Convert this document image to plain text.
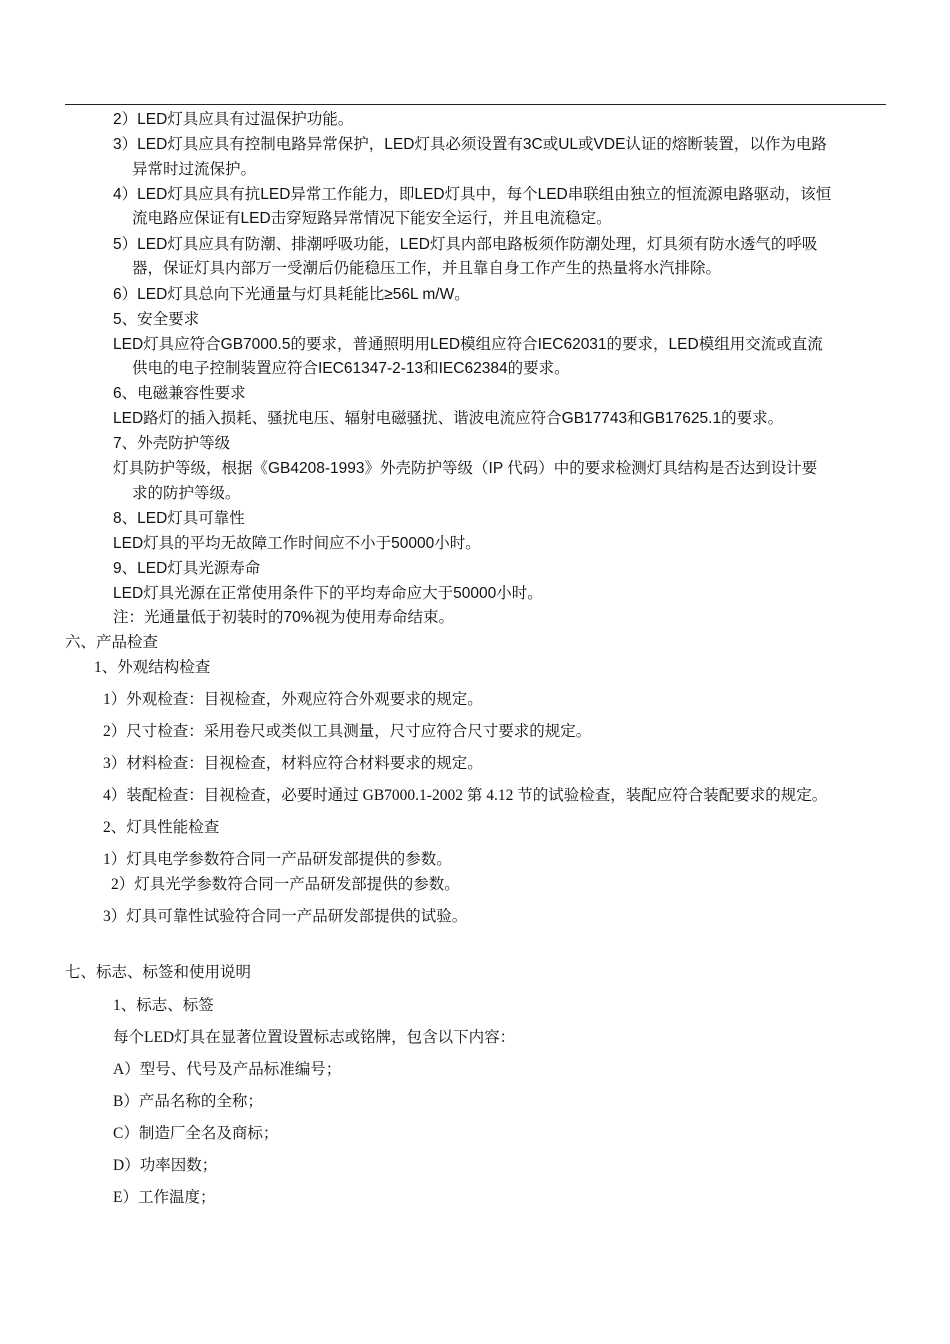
2）LED灯具应具有过温保护功能。
3）LED灯具应具有控制电路异常保护，LED灯具必须设置有3C或UL或VDE认证的熔断装置，以作为电路
异常时过流保护。
4）LED灯具应具有抗LED异常工作能力，即LED灯具中，每个LED串联组由独立的恒流源电路驱动，该恒
流电路应保证有LED击穿短路异常情况下能安全运行，并且电流稳定。
5）LED灯具应具有防潮、排潮呼吸功能，LED灯具内部电路板须作防潮处理，灯具须有防水透气的呼吸
器，保证灯具内部万一受潮后仍能稳压工作，并且靠自身工作产生的热量将水汽排除。
6）LED灯具总向下光通量与灯具耗能比≥56L m/W。
5、安全要求
LED灯具应符合GB7000.5的要求，普通照明用LED模组应符合IEC62031的要求，LED模组用交流或直流
供电的电子控制装置应符合IEC61347-2-13和IEC62384的要求。
6、电磁兼容性要求
LED路灯的插入损耗、骚扰电压、辐射电磁骚扰、谐波电流应符合GB17743和GB17625.1的要求。
7、外壳防护等级
灯具防护等级，根据《GB4208-1993》外壳防护等级（IP 代码）中的要求检测灯具结构是否达到设计要
求的防护等级。
8、LED灯具可靠性
LED灯具的平均无故障工作时间应不小于50000小时。
9、LED灯具光源寿命
LED灯具光源在正常使用条件下的平均寿命应大于50000小时。
注：光通量低于初装时的70%视为使用寿命结束。
六、产品检查
1、外观结构检查
1）外观检查：目视检查，外观应符合外观要求的规定。
2）尺寸检查：采用卷尺或类似工具测量，尺寸应符合尺寸要求的规定。
3）材料检查：目视检查，材料应符合材料要求的规定。
4）装配检查：目视检查，必要时通过 GB7000.1-2002 第 4.12 节的试验检查，装配应符合装配要求的规定。
2、灯具性能检查
1）灯具电学参数符合同一产品研发部提供的参数。
2）灯具光学参数符合同一产品研发部提供的参数。
3）灯具可靠性试验符合同一产品研发部提供的试验。
七、标志、标签和使用说明
1、标志、标签
每个LED灯具在显著位置设置标志或铭牌，包含以下内容：
A）型号、代号及产品标准编号；
B）产品名称的全称；
C）制造厂全名及商标；
D）功率因数；
E）工作温度；
